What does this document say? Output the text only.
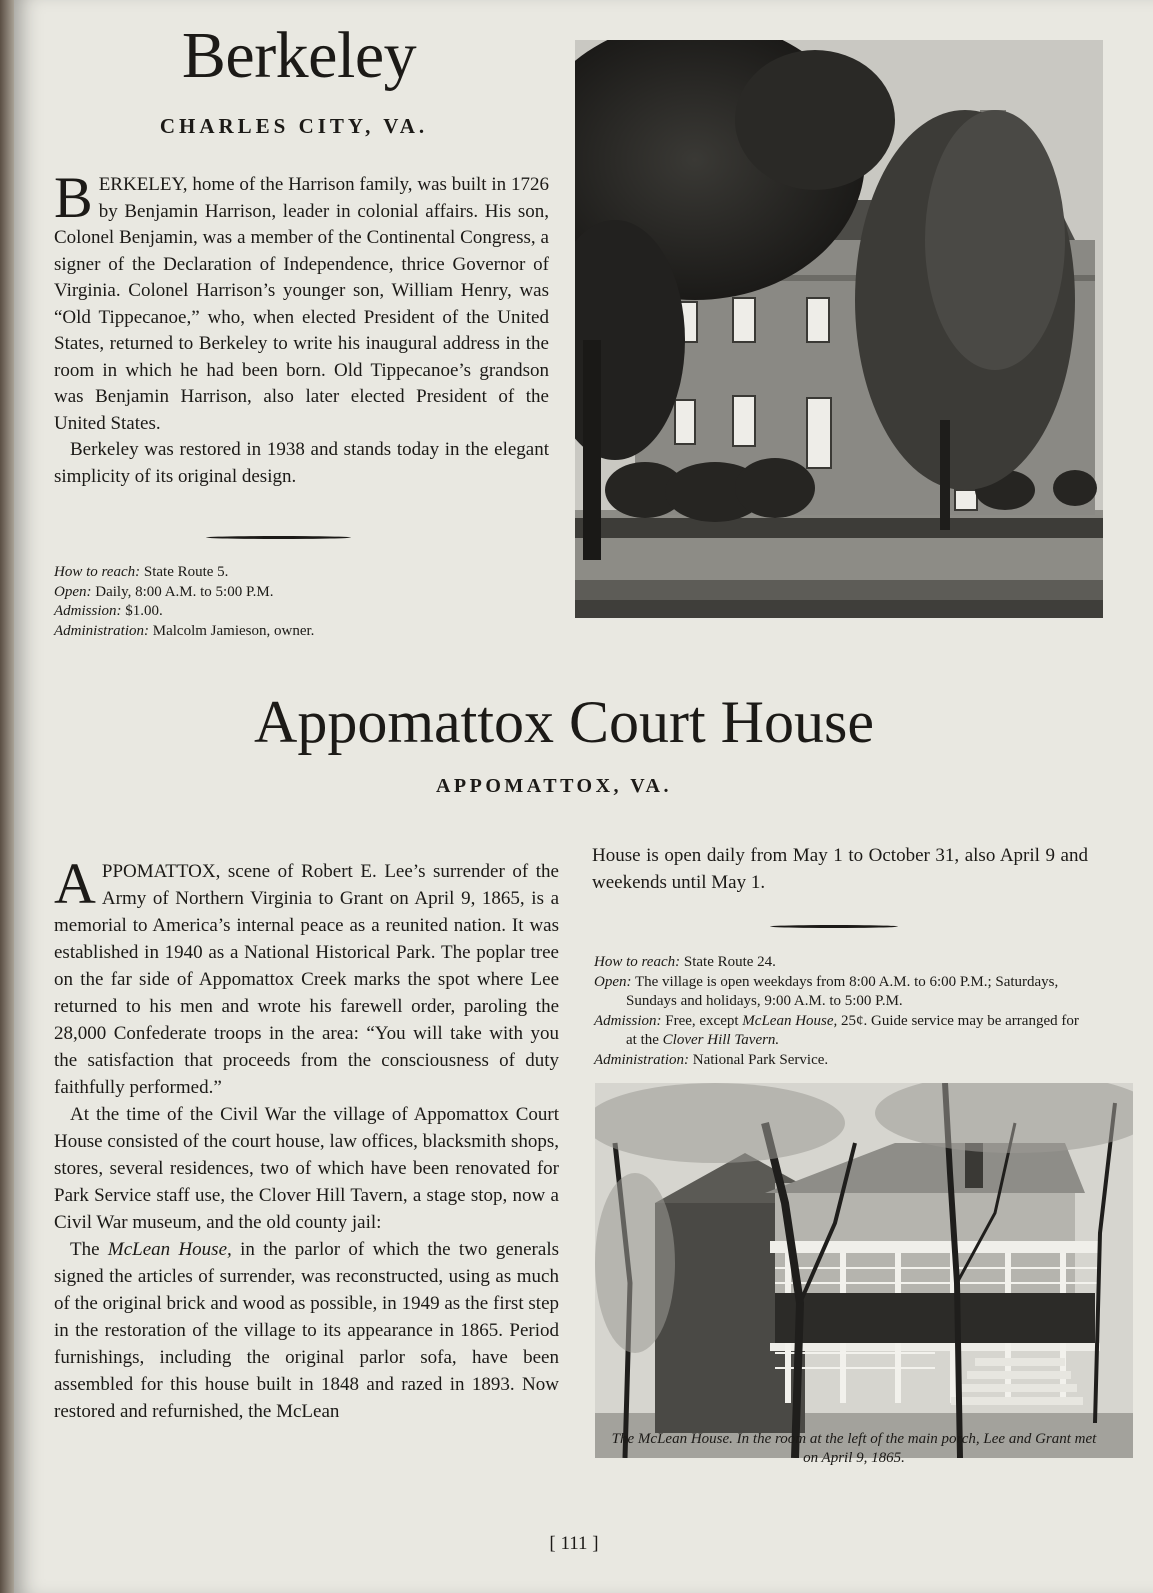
Berkeley
CHARLES CITY, VA.

BERKELEY, home of the Harrison family, was built in 1726 by Benjamin Harrison, leader in colonial affairs. His son, Colonel Benjamin, was a member of the Continental Congress, a signer of the Declaration of Independence, thrice Governor of Virginia. Colonel Harrison’s younger son, William Henry, was “Old Tippecanoe,” who, when elected President of the United States, returned to Berkeley to write his inaugural address in the room in which he had been born. Old Tippecanoe’s grandson was Benjamin Harrison, also later elected President of the United States.

Berkeley was restored in 1938 and stands today in the elegant simplicity of its original design.

How to reach: State Route 5.

Open: Daily, 8:00 A.M. to 5:00 P.M.

Admission: $1.00.

Administration: Malcolm Jamieson, owner.

Appomattox Court House
APPOMATTOX, VA.

APPOMATTOX, scene of Robert E. Lee’s surrender of the Army of Northern Virginia to Grant on April 9, 1865, is a memorial to America’s internal peace as a reunited nation. It was established in 1940 as a National Historical Park. The poplar tree on the far side of Appomattox Creek marks the spot where Lee returned to his men and wrote his farewell order, paroling the 28,000 Confederate troops in the area: “You will take with you the satisfaction that proceeds from the consciousness of duty faithfully performed.”

At the time of the Civil War the village of Appomattox Court House consisted of the court house, law offices, blacksmith shops, stores, several residences, two of which have been renovated for Park Service staff use, the Clover Hill Tavern, a stage stop, now a Civil War museum, and the old county jail:

The McLean House, in the parlor of which the two generals signed the articles of surrender, was reconstructed, using as much of the original brick and wood as possible, in 1949 as the first step in the restoration of the village to its appearance in 1865. Period furnishings, including the original parlor sofa, have been assembled for this house built in 1848 and razed in 1893. Now restored and refurnished, the McLean

House is open daily from May 1 to October 31, also April 9 and weekends until May 1.

How to reach: State Route 24.

Open: The village is open weekdays from 8:00 A.M. to 6:00 P.M.; Saturdays, Sundays and holidays, 9:00 A.M. to 5:00 P.M.

Admission: Free, except McLean House, 25¢. Guide service may be arranged for at the Clover Hill Tavern.

Administration: National Park Service.

The McLean House. In the room at the left of the main porch, Lee and Grant met on April 9, 1865.

[ 111 ]
